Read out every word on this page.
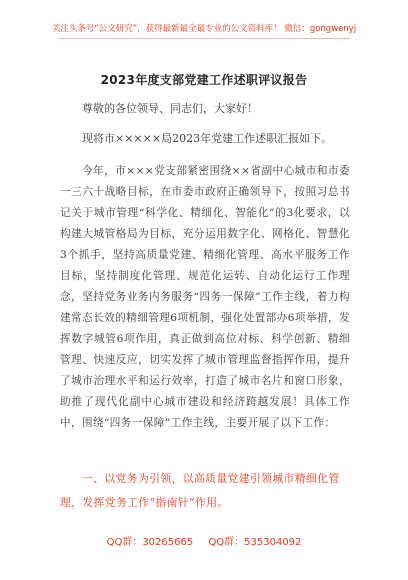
关注头条号“公文研究”，获得最新最全最专业的公文资料库！ 微信：gongwenyj
2023年度支部党建工作述职评议报告
尊敬的各位领导、同志们，大家好！
现将市×××××局2023年党建工作述职汇报如下。
今年，市×××党支部紧密围绕××省副中心城市和市委一三六十战略目标，在市委市政府正确领导下，按照习总书记关于城市管理“科学化、精细化、智能化”的3化要求，以构建大城管格局为目标，充分运用数字化、网格化、智慧化3个抓手，坚持高质量党建、精细化管理、高水平服务工作目标，坚持制度化管理、规范化运转、自动化运行工作理念，坚持党务业务内务服务“四务一保障”工作主线，着力构建常态长效的精细管理6项机制，强化处置部办6项举措，发挥数字城管6项作用，真正做到高位对标、科学创新、精细管理、快速反应，切实发挥了城市管理监督指挥作用，提升了城市治理水平和运行效率，打造了城市名片和窗口形象，助推了现代化副中心城市建设和经济跨越发展！具体工作中，围绕“四务一保障”工作主线，主要开展了以下工作：
一、以党务为引领，以高质量党建引领城市精细化管理，发挥党务工作“指南针”作用。
QQ群：30265665 QQ群：535304092
